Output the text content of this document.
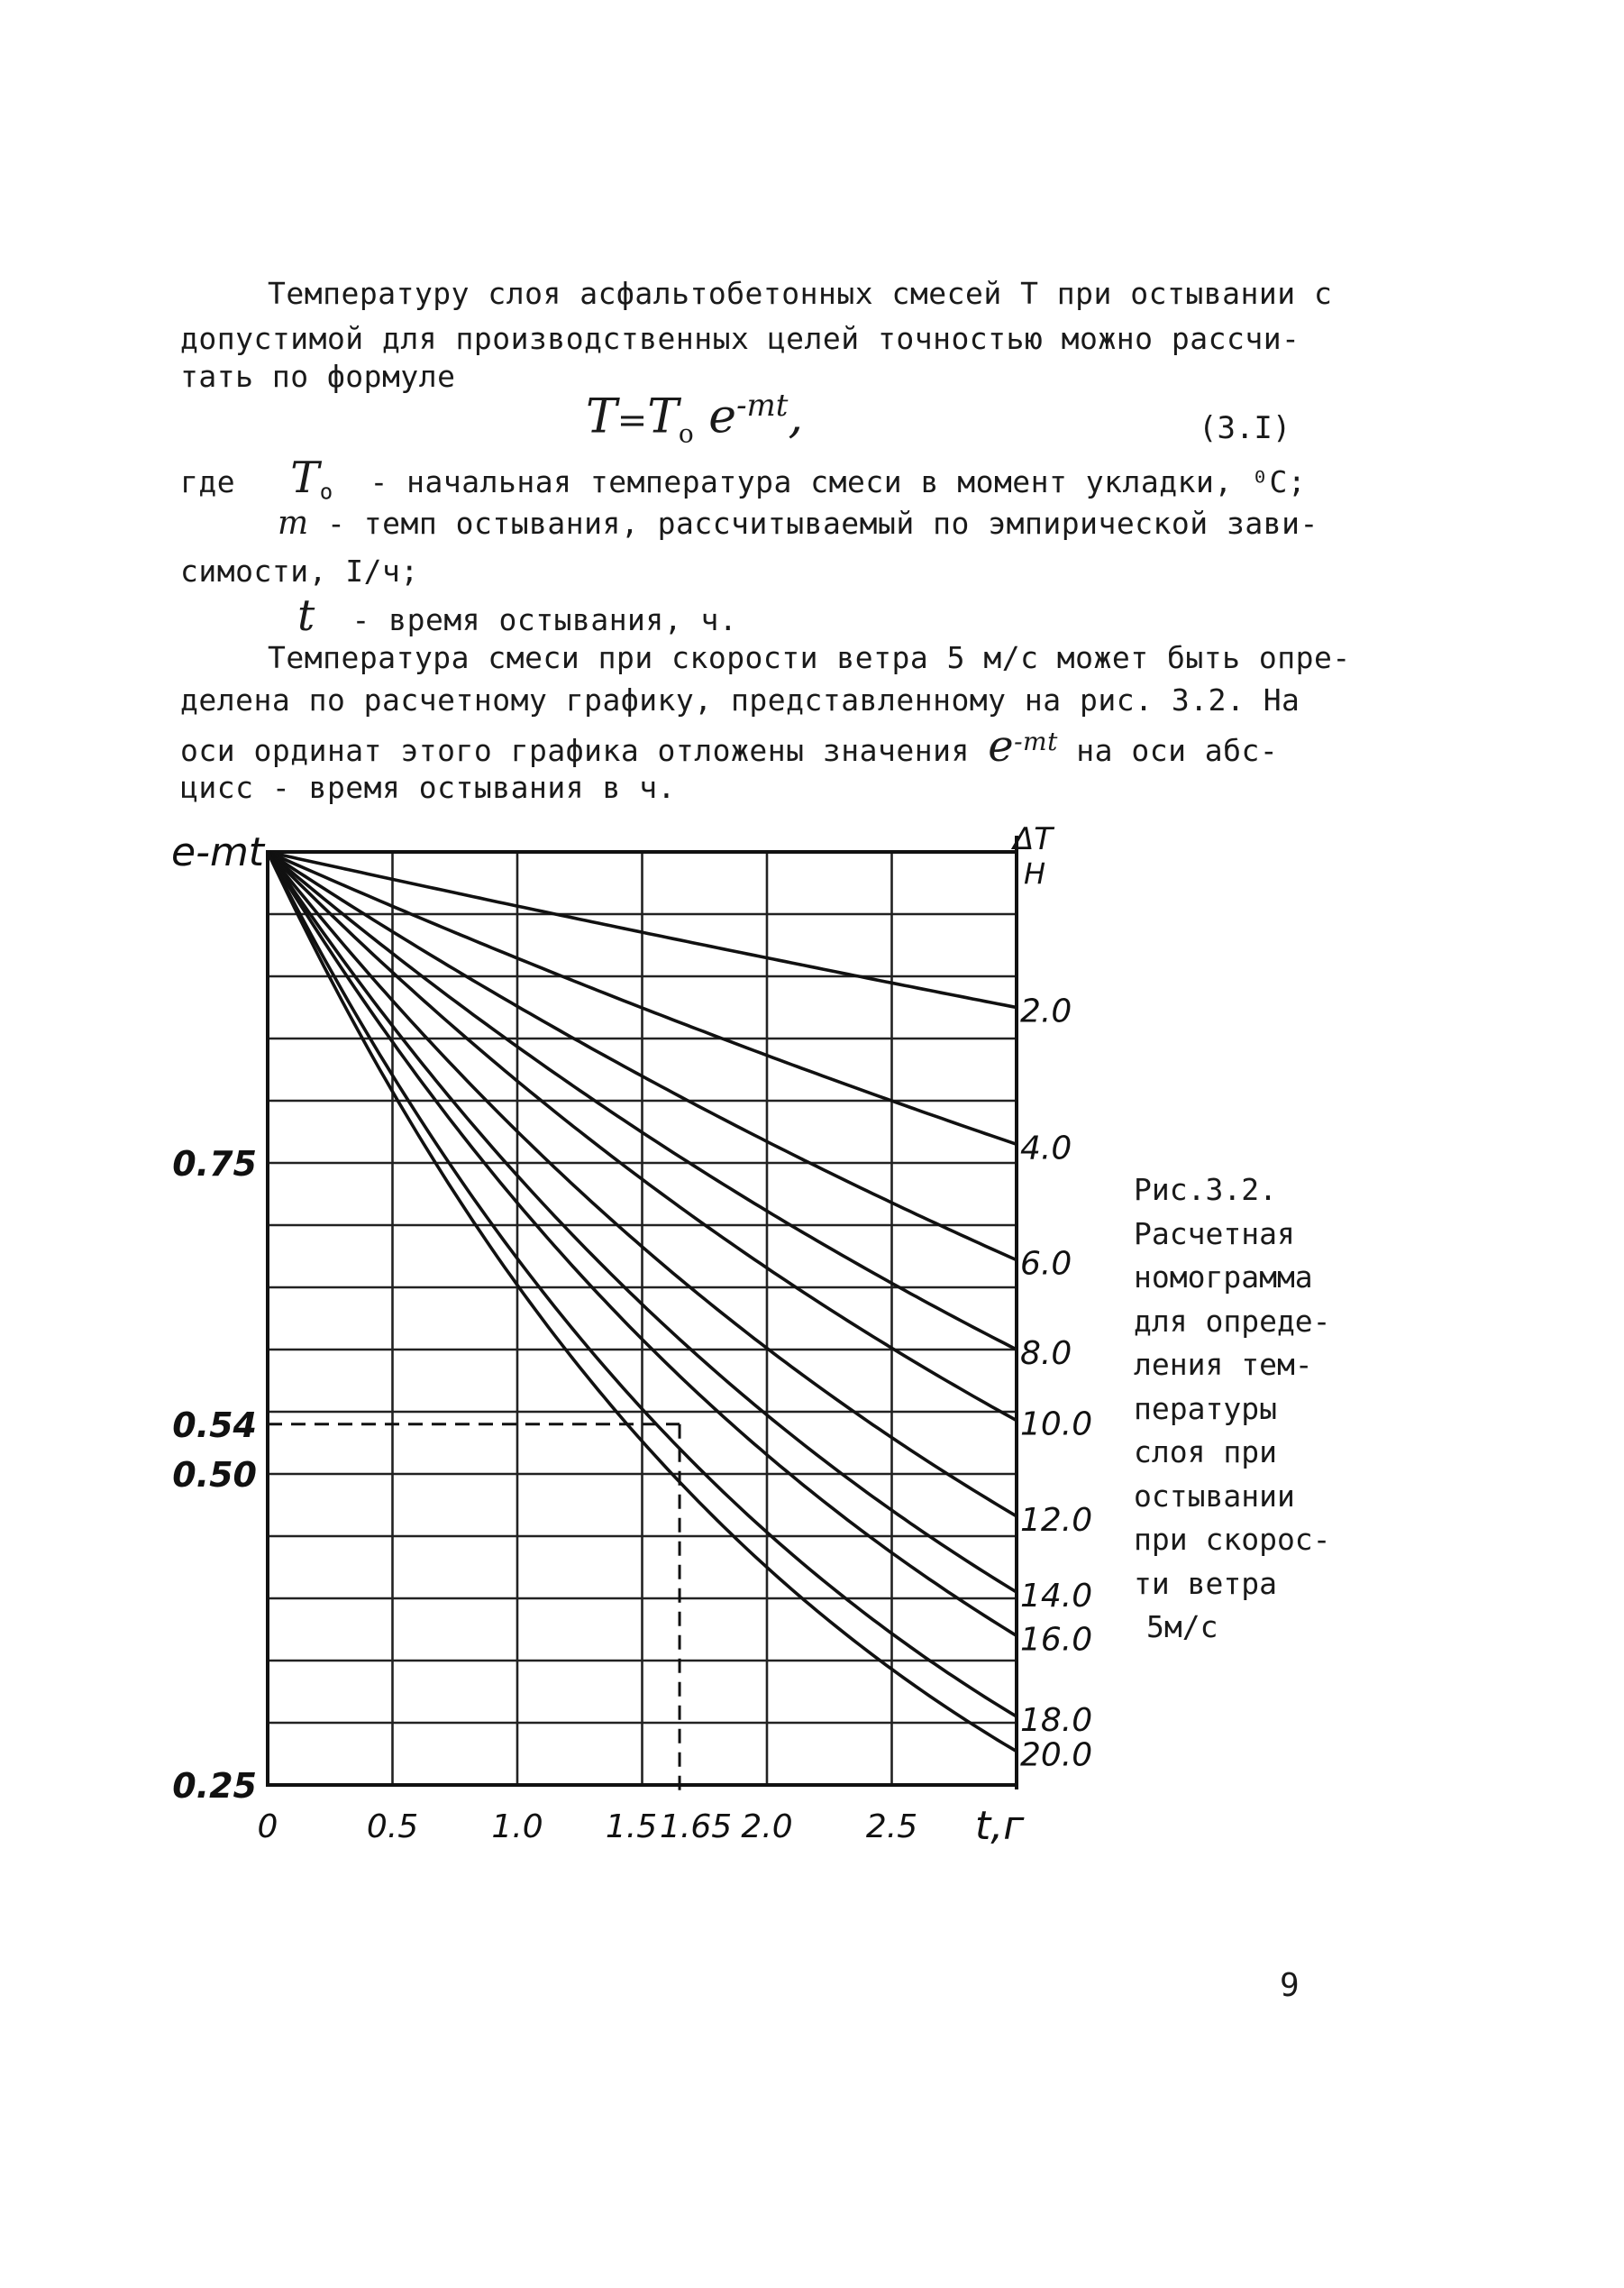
Температуру слоя асфальтобетонных смесей T при остывании с
допустимой для производственных целей точностью можно рассчи-
тать по формуле
$T=T_o$ $e^{-mt}$,	(3.I)
где $T_o$ - начальная температура смеси в момент укладки, ⁰C;
m - темп остывания, рассчитываемый по эмпирической зави-
симости, I/ч;
t - время остывания, ч.
Температура смеси при скорости ветра 5 м/с может быть опре-
делена по расчетному графику, представленному на рис. 3.2. На
оси ординат этого графика отложены значения $e^{-mt}$ на оси абс-
цисс - время остывания в ч.
2.0
4.0
6.0
8.0
10.0
12.0
14.0
16.0
18.0
20.0
0	0.5 1.0 1.5 1.65 2.0 2.5
0.75
0.54
0.50
0.25
e-mt	ΔT
H
t,г
Рис.3.2.
Расчетная
номограмма
для опреде-
ления тем-
пературы
слоя при
остывании
при скорос-
ти ветра
5м/с
9
